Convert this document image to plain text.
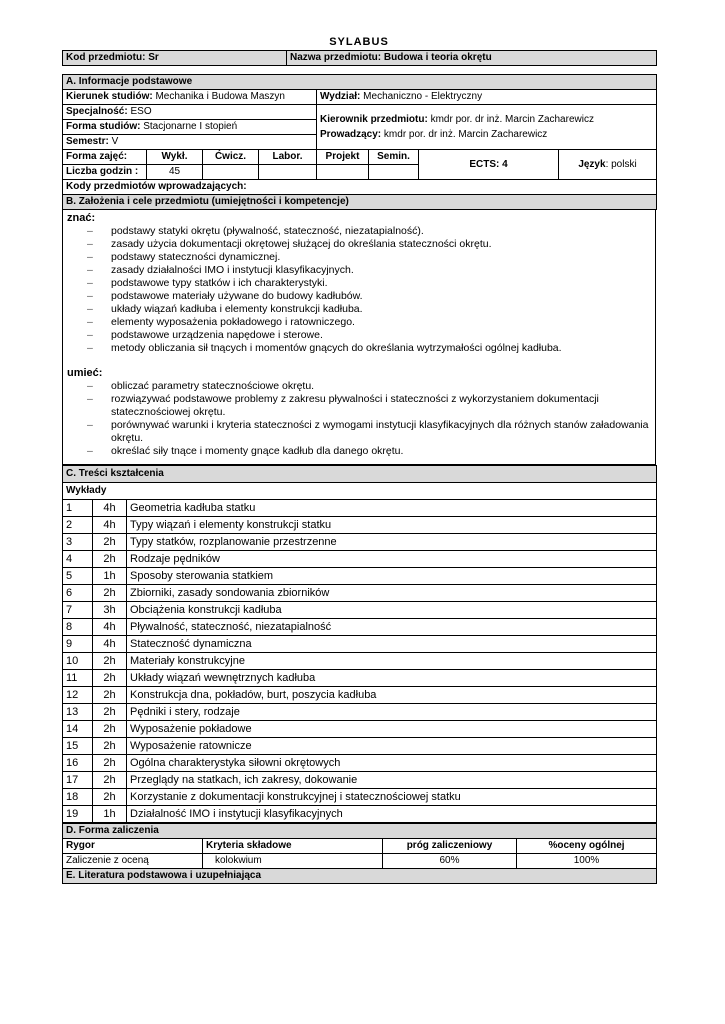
SYLABUS
Kod przedmiotu: Sr	Nazwa przedmiotu: Budowa i teoria okrętu
A. Informacje podstawowe							
Kierunek studiów: Mechanika i Budowa Maszyn				Wydział: Mechaniczno - Elektryczny			
Specjalność: ESO				Kierownik przedmiotu: kmdr por. dr inż. Marcin Zacharewicz
Prowadzący: kmdr por. dr inż. Marcin Zacharewicz			

Forma studiów: Stacjonarne I stopień							
Semestr: V							
Forma zajęć:	Wykł.	Ćwicz.	Labor.	Projekt	Semin.	ECTS: 4	Język: polski
Liczba godzin :	45						
Kody przedmiotów wprowadzających:							
B. Założenia i cele przedmiotu (umiejętności i kompetencje)							
znać:
– podstawy statyki okrętu (pływalność, stateczność, niezatapialność).
– zasady użycia dokumentacji okrętowej służącej do określania stateczności okrętu.
– podstawy stateczności dynamicznej.
– zasady działalności IMO i instytucji klasyfikacyjnych.
– podstawowe typy statków i ich charakterystyki.
– podstawowe materiały używane do budowy kadłubów.
– układy wiązań kadłuba i elementy konstrukcji kadłuba.
– elementy wyposażenia pokładowego i ratowniczego.
– podstawowe urządzenia napędowe i sterowe.
– metody obliczania sił tnących i momentów gnących do określania wytrzymałości ogólnej kadłuba.
umieć:
– obliczać parametry statecznościowe okrętu.
– rozwiązywać podstawowe problemy z zakresu pływalności i stateczności z wykorzystaniem dokumentacji statecznościowej okrętu.
– porównywać warunki i kryteria stateczności z wymogami instytucji klasyfikacyjnych dla różnych stanów załadowania okrętu.
– określać siły tnące i momenty gnące kadłub dla danego okrętu.
C. Treści kształcenia		
Wykłady		
1	4h	Geometria kadłuba statku
2	4h	Typy wiązań i elementy konstrukcji statku
3	2h	Typy statków, rozplanowanie przestrzenne
4	2h	Rodzaje pędników
5	1h	Sposoby sterowania statkiem
6	2h	Zbiorniki, zasady sondowania zbiorników
7	3h	Obciążenia konstrukcji kadłuba
8	4h	Pływalność, stateczność, niezatapialność
9	4h	Stateczność dynamiczna
10	2h	Materiały konstrukcyjne
11	2h	Układy wiązań wewnętrznych kadłuba
12	2h	Konstrukcja dna, pokładów, burt, poszycia kadłuba
13	2h	Pędniki i stery, rodzaje
14	2h	Wyposażenie pokładowe
15	2h	Wyposażenie ratownicze
16	2h	Ogólna charakterystyka siłowni okrętowych
17	2h	Przeglądy na statkach, ich zakresy, dokowanie
18	2h	Korzystanie z dokumentacji konstrukcyjnej i statecznościowej statku
19	1h	Działalność IMO i instytucji klasyfikacyjnych
D. Forma zaliczenia			
Rygor	Kryteria składowe	próg zaliczeniowy	%oceny ogólnej
Zaliczenie z oceną	kolokwium	60%	100%
E. Literatura podstawowa i uzupełniająca			
